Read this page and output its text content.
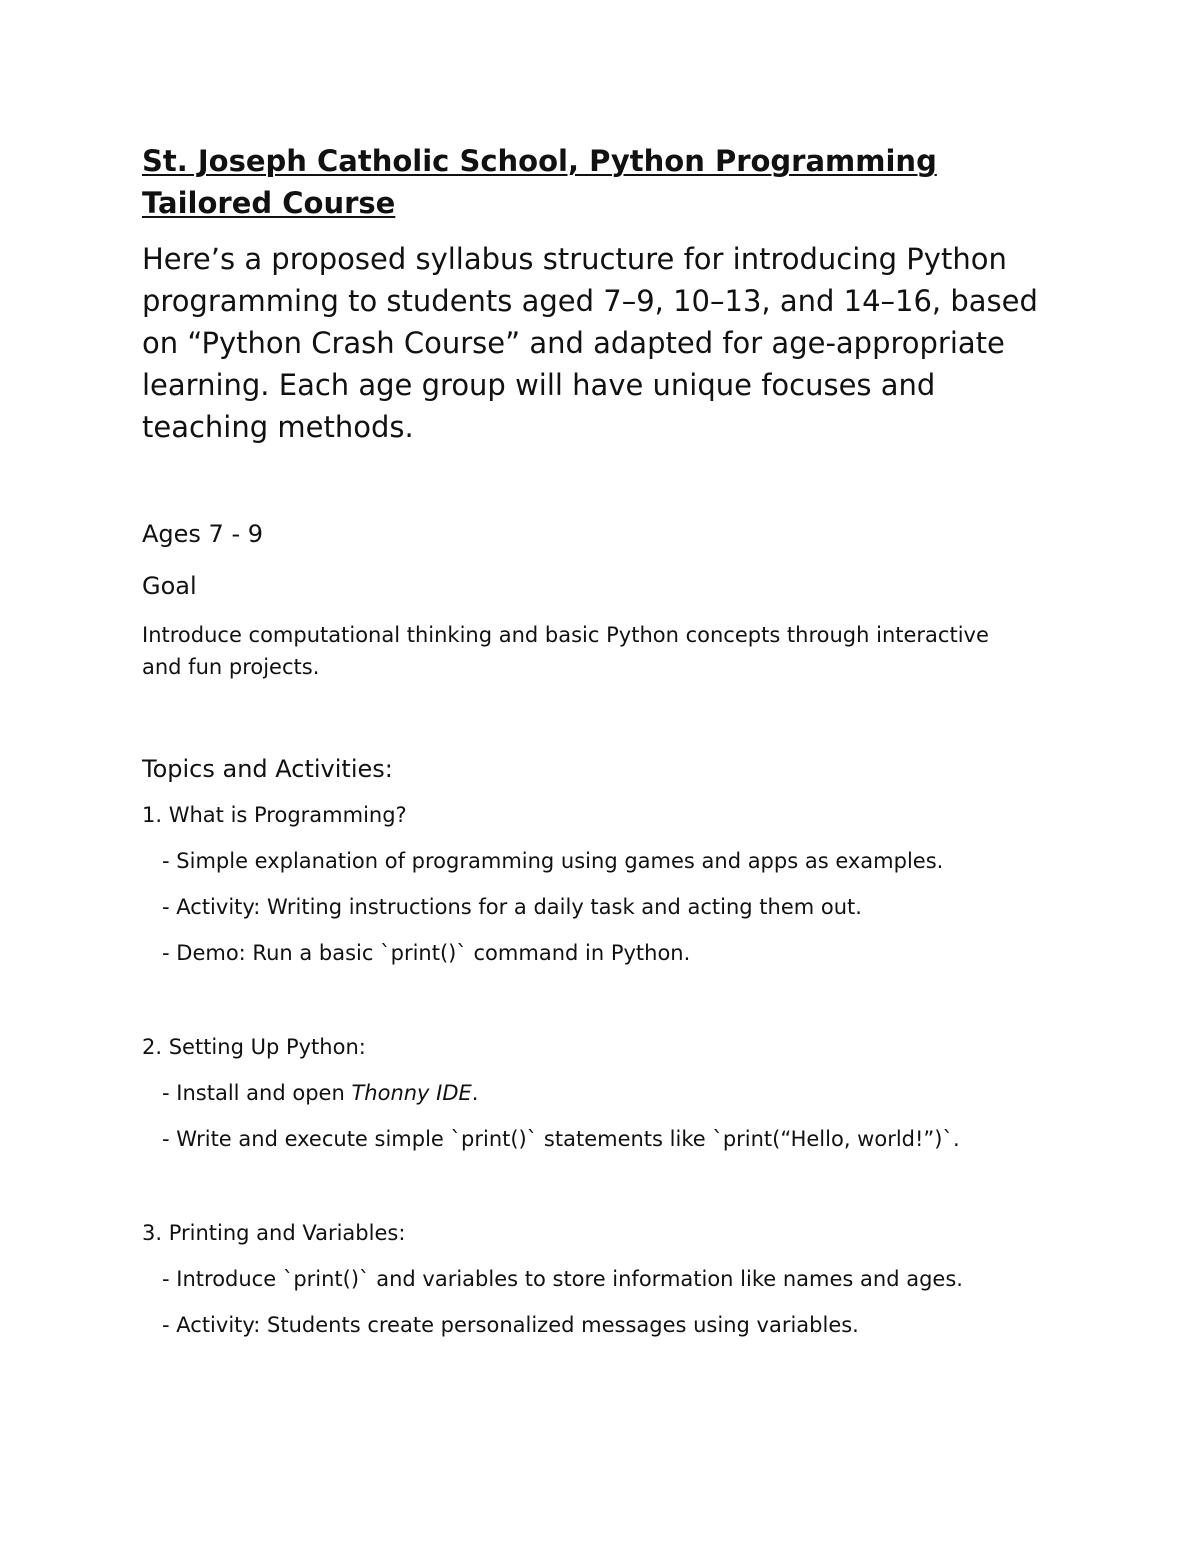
St. Joseph Catholic School, Python Programming Tailored Course

Here’s a proposed syllabus structure for introducing Python programming to students aged 7–9, 10–13, and 14–16, based on “Python Crash Course” and adapted for age-appropriate learning. Each age group will have unique focuses and teaching methods.

Ages 7 - 9

Goal

Introduce computational thinking and basic Python concepts through interactive and fun projects.

Topics and Activities:

1. What is Programming?

- Simple explanation of programming using games and apps as examples.

- Activity: Writing instructions for a daily task and acting them out.

- Demo: Run a basic `print()` command in Python.

2. Setting Up Python:

- Install and open Thonny IDE.

- Write and execute simple `print()` statements like `print(“Hello, world!”)`.

3. Printing and Variables:

- Introduce `print()` and variables to store information like names and ages.

- Activity: Students create personalized messages using variables.
